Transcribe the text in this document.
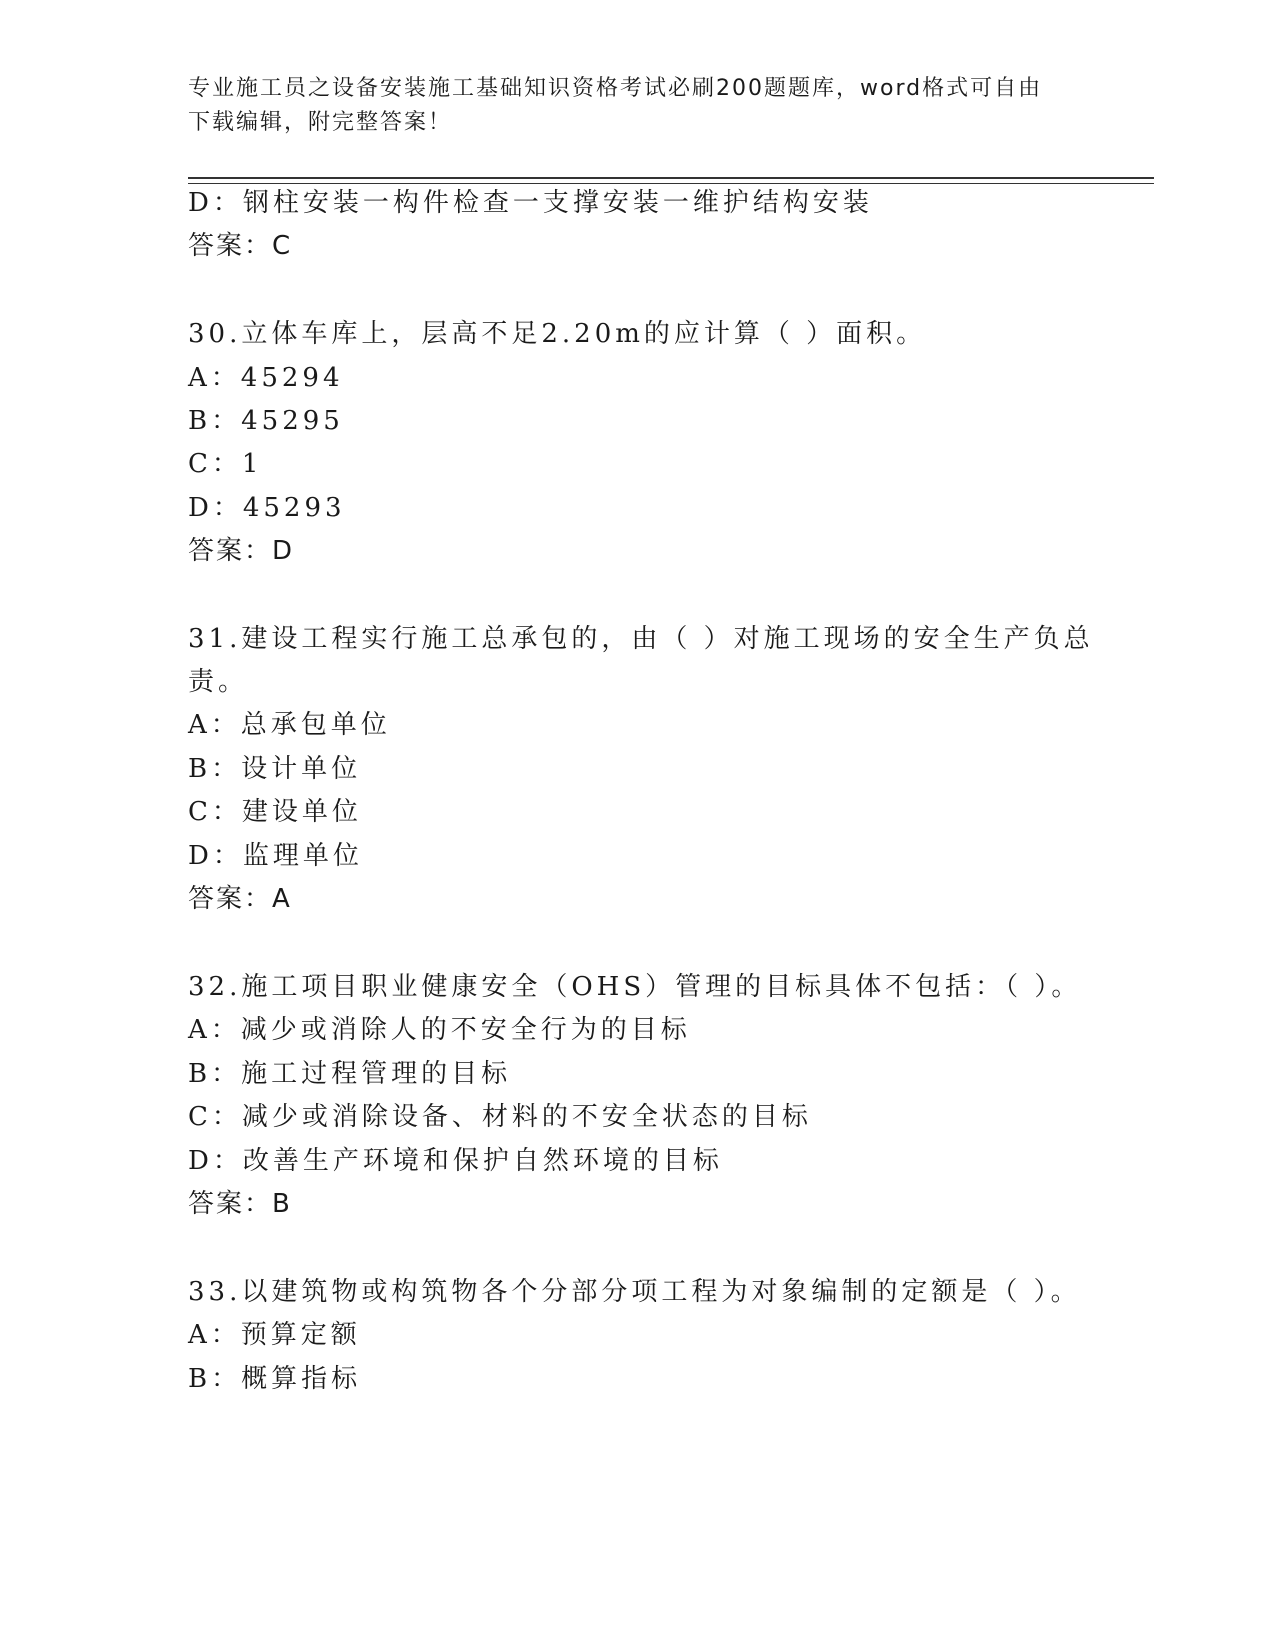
专业施工员之设备安装施工基础知识资格考试必刷200题题库，word格式可自由
下载编辑，附完整答案！
D：钢柱安装一构件检查一支撑安装一维护结构安装
答案：C
30.立体车库上，层高不足2.20m的应计算（ ）面积。
A：45294
B：45295
C：1
D：45293
答案：D
31.建设工程实行施工总承包的，由（ ）对施工现场的安全生产负总
责。
A：总承包单位
B：设计单位
C：建设单位
D：监理单位
答案：A
32.施工项目职业健康安全（OHS）管理的目标具体不包括：（ ）。
A：减少或消除人的不安全行为的目标
B：施工过程管理的目标
C：减少或消除设备、材料的不安全状态的目标
D：改善生产环境和保护自然环境的目标
答案：B
33.以建筑物或构筑物各个分部分项工程为对象编制的定额是（ ）。
A：预算定额
B：概算指标
